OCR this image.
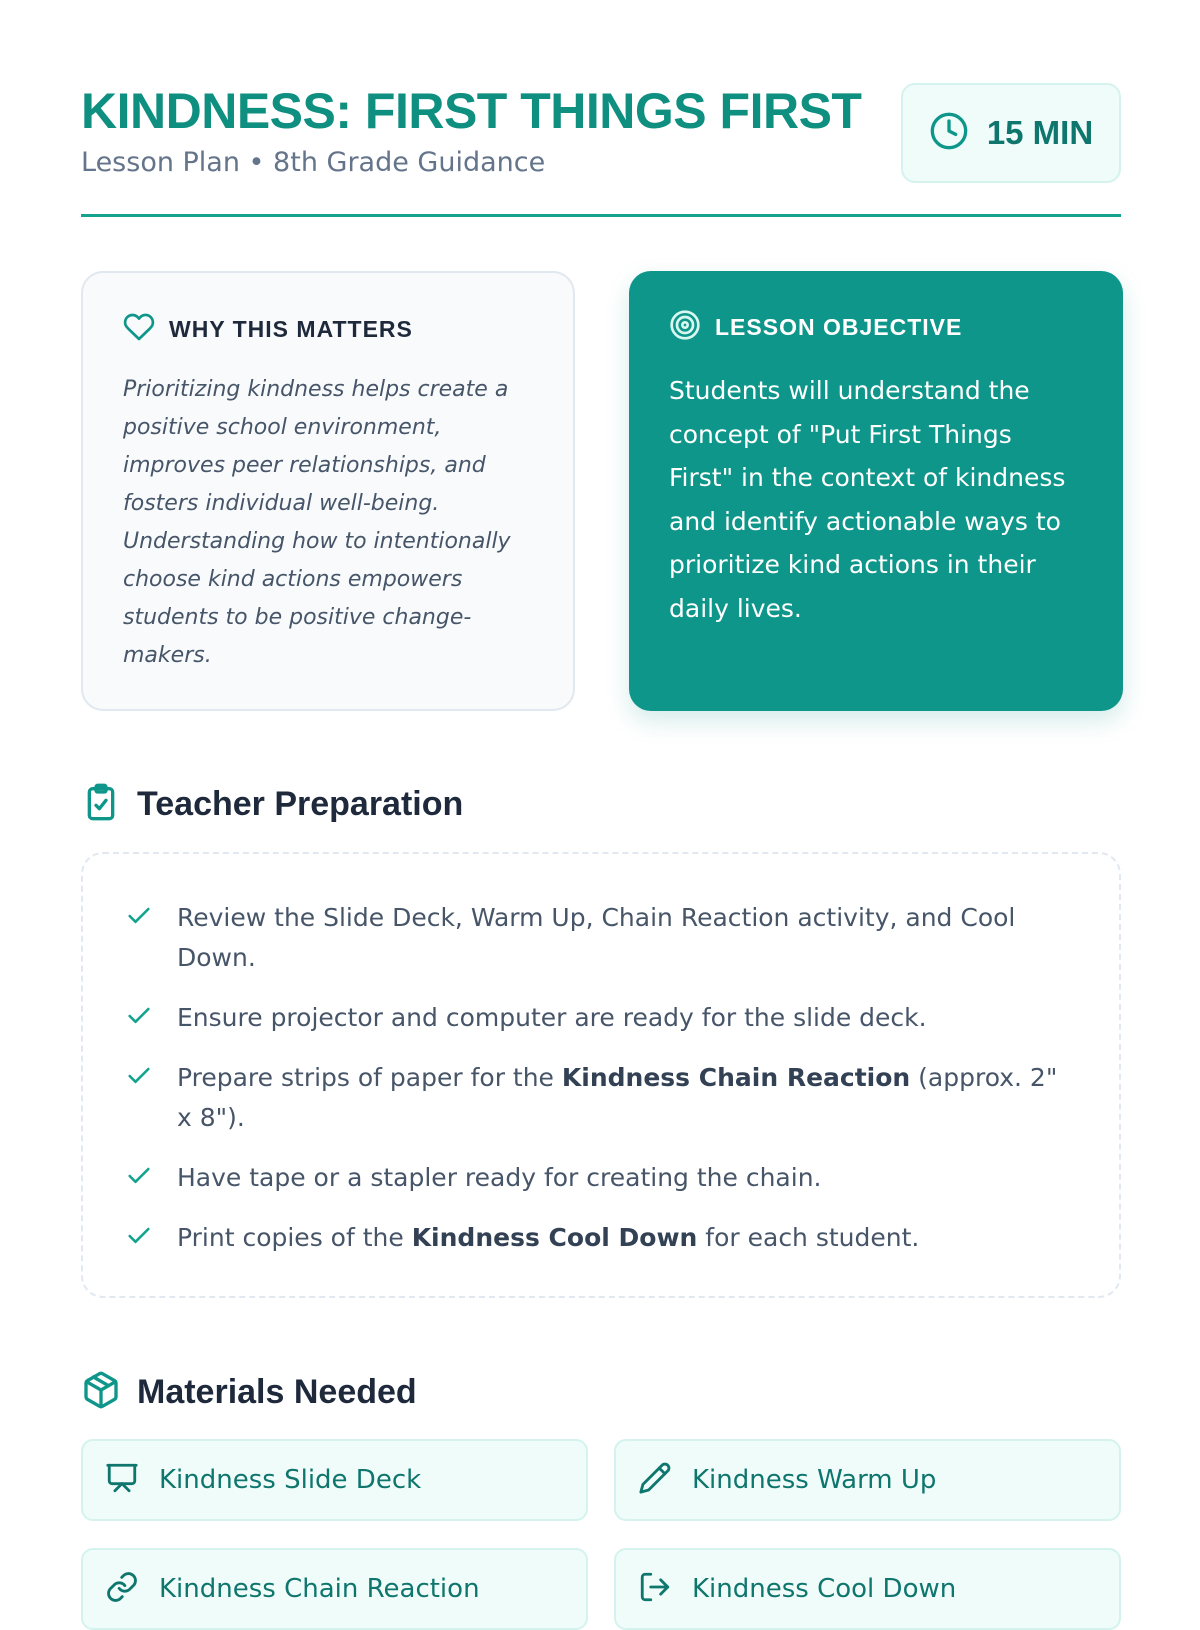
KINDNESS: FIRST THINGS FIRST
Lesson Plan • 8th Grade Guidance
15 MIN
WHY THIS MATTERS

Prioritizing kindness helps create a positive school environment, improves peer relationships, and fosters individual well-being. Understanding how to intentionally choose kind actions empowers students to be positive change-makers.

LESSON OBJECTIVE

Students will understand the concept of "Put First Things First" in the context of kindness and identify actionable ways to prioritize kind actions in their daily lives.

Teacher Preparation
Review the Slide Deck, Warm Up, Chain Reaction activity, and Cool Down.
Ensure projector and computer are ready for the slide deck.
Prepare strips of paper for the Kindness Chain Reaction (approx. 2" x 8").
Have tape or a stapler ready for creating the chain.
Print copies of the Kindness Cool Down for each student.
Materials Needed
Kindness Slide Deck	Kindness Warm Up
Kindness Chain Reaction	Kindness Cool Down
